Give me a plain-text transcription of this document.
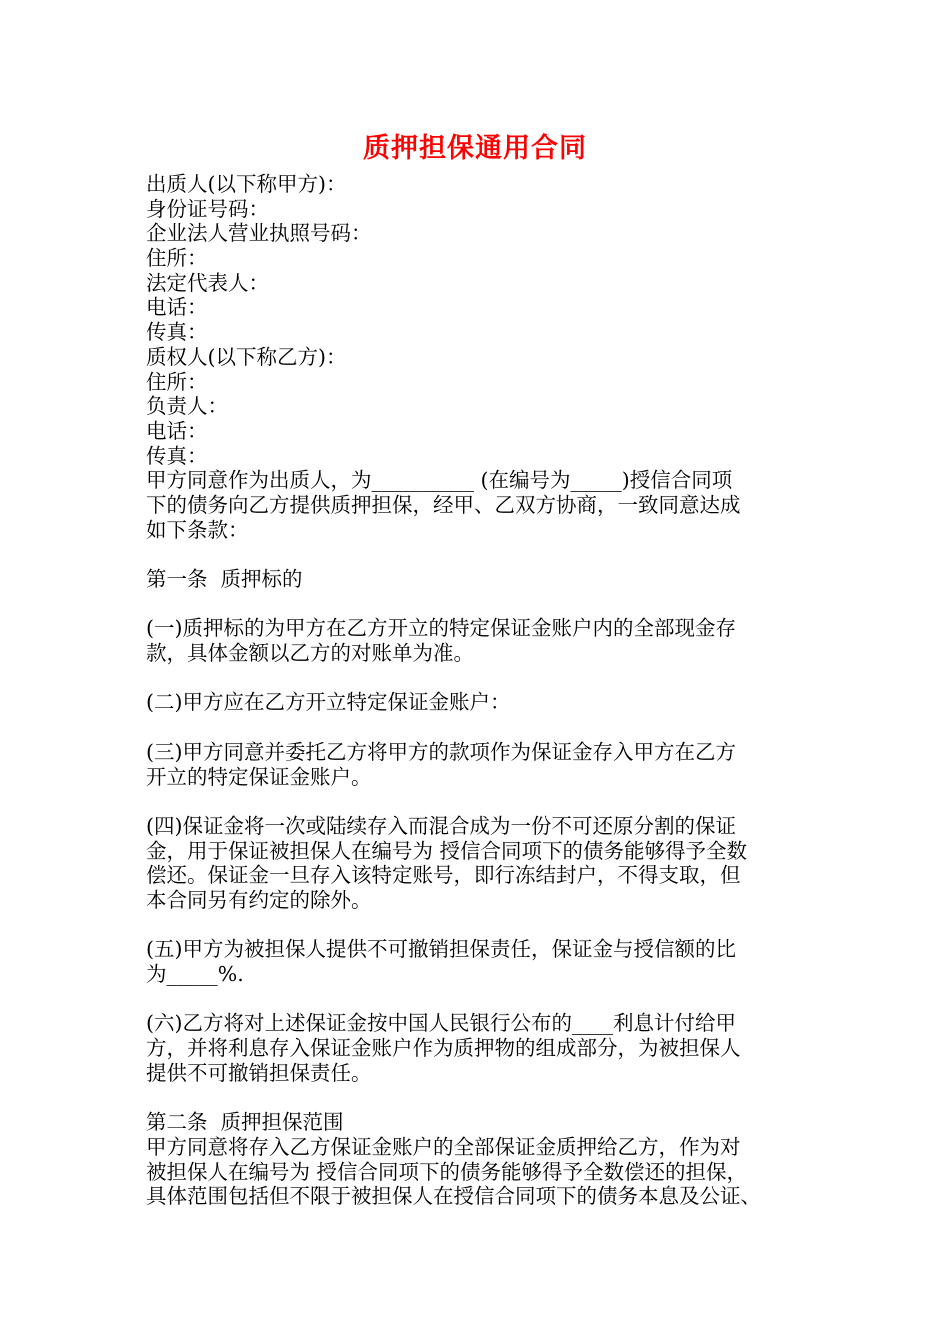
质押担保通用合同
出质人(以下称甲方)：
身份证号码：
企业法人营业执照号码：
住所：
法定代表人：
电话：
传真：
质权人(以下称乙方)：
住所：
负责人：
电话：
传真：
甲方同意作为出质人，为__________ (在编号为_____)授信合同项
下的债务向乙方提供质押担保，经甲、乙双方协商，一致同意达成
如下条款：
第一条  质押标的
(一)质押标的为甲方在乙方开立的特定保证金账户内的全部现金存
款，具体金额以乙方的对账单为准。
(二)甲方应在乙方开立特定保证金账户：
(三)甲方同意并委托乙方将甲方的款项作为保证金存入甲方在乙方
开立的特定保证金账户。
(四)保证金将一次或陆续存入而混合成为一份不可还原分割的保证
金，用于保证被担保人在编号为 授信合同项下的债务能够得予全数
偿还。保证金一旦存入该特定账号，即行冻结封户，不得支取，但
本合同另有约定的除外。
(五)甲方为被担保人提供不可撤销担保责任，保证金与授信额的比
为_____%.
(六)乙方将对上述保证金按中国人民银行公布的____利息计付给甲
方，并将利息存入保证金账户作为质押物的组成部分，为被担保人
提供不可撤销担保责任。
第二条  质押担保范围
甲方同意将存入乙方保证金账户的全部保证金质押给乙方，作为对
被担保人在编号为 授信合同项下的债务能够得予全数偿还的担保，
具体范围包括但不限于被担保人在授信合同项下的债务本息及公证、
